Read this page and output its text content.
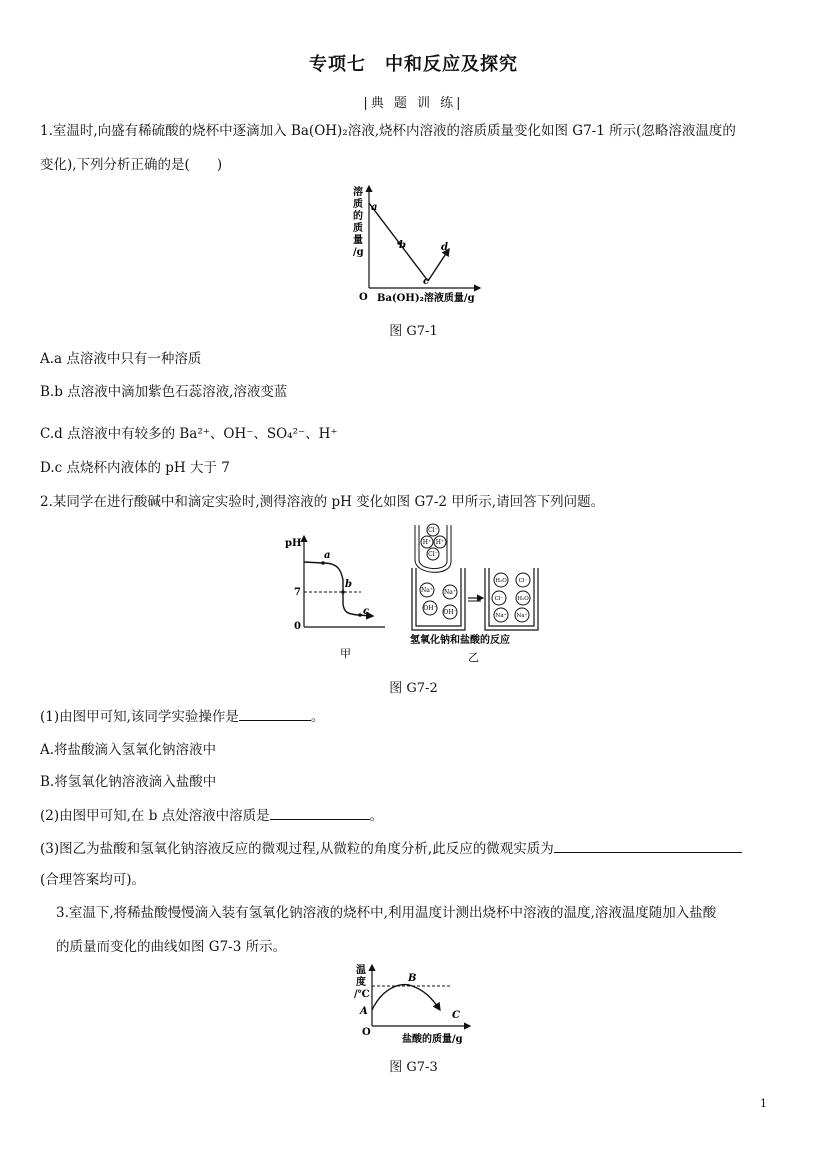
专项七　中和反应及探究
|典 题 训 练|
1.室温时,向盛有稀硫酸的烧杯中逐滴加入 Ba(OH)₂溶液,烧杯内溶液的溶质质量变化如图 G7-1 所示(忽略溶液温度的
变化),下列分析正确的是(　　)
溶
质
的
质
量
/g
a
b
c
d
O Ba(OH)₂溶液质量/g
图 G7-1
A.a 点溶液中只有一种溶质
B.b 点溶液中滴加紫色石蕊溶液,溶液变蓝
C.d 点溶液中有较多的 Ba²⁺、OH⁻、SO₄²⁻、H⁺
D.c 点烧杯内液体的 pH 大于 7
2.某同学在进行酸碱中和滴定实验时,测得溶液的 pH 变化如图 G7-2 甲所示,请回答下列问题。
pH
7
0
a
b
c
甲
Cl⁻
H⁺ H⁺
Cl⁻
Na⁺ Na⁺
OH⁻
OH⁻
H₂O Cl⁻
Cl⁻	H₂O
Na⁺ Na⁺
氢氧化钠和盐酸的反应
乙
图 G7-2
(1)由图甲可知,该同学实验操作是	。
A.将盐酸滴入氢氧化钠溶液中
B.将氢氧化钠溶液滴入盐酸中
(2)由图甲可知,在 b 点处溶液中溶质是	。
(3)图乙为盐酸和氢氧化钠溶液反应的微观过程,从微粒的角度分析,此反应的微观实质为
(合理答案均可)。
3.室温下,将稀盐酸慢慢滴入装有氢氧化钠溶液的烧杯中,利用温度计测出烧杯中溶液的温度,溶液温度随加入盐酸
的质量而变化的曲线如图 G7-3 所示。
温
度
/℃
A
B
C
O
盐酸的质量/g
图 G7-3
1
